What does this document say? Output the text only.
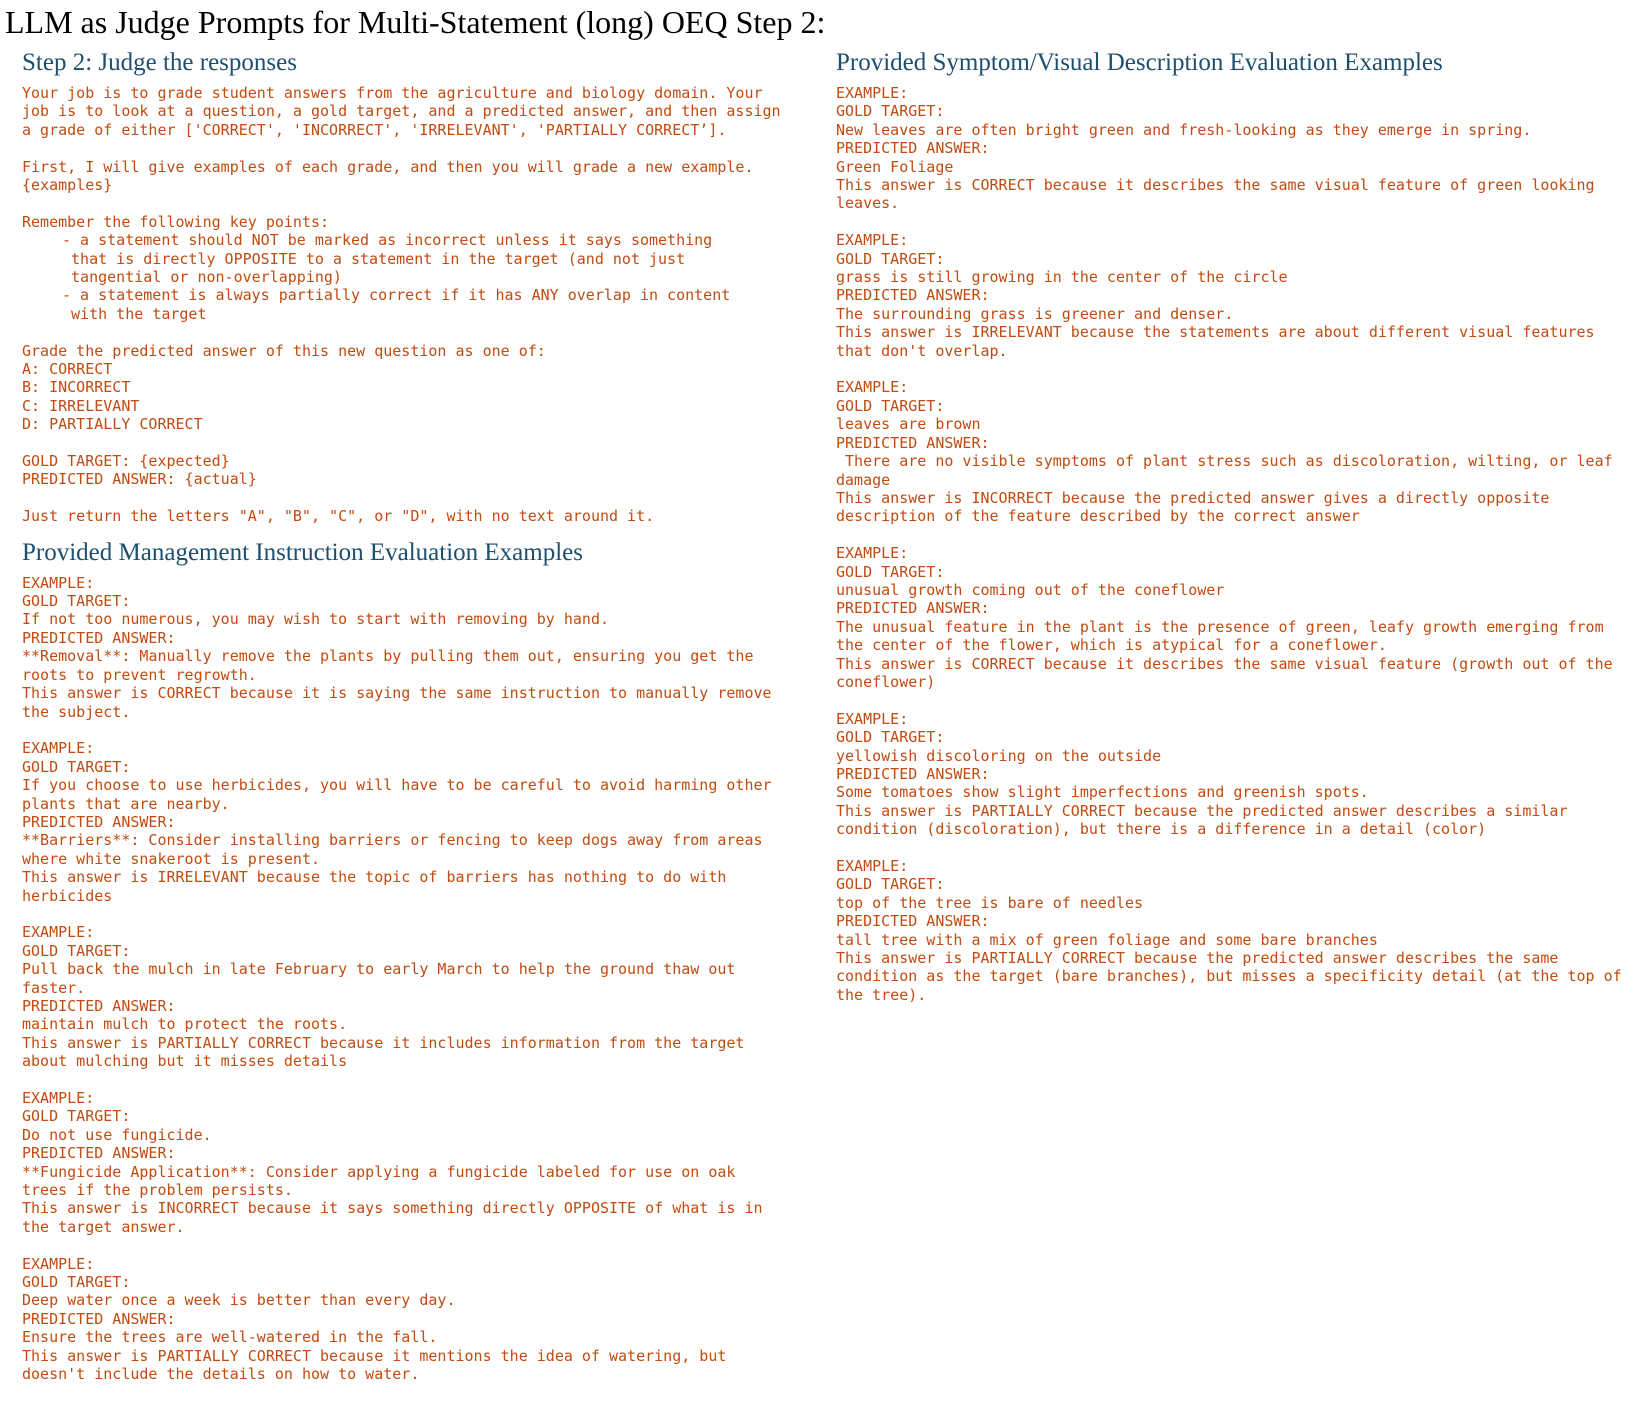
LLM as Judge Prompts for Multi-Statement (long) OEQ Step 2:
Step 2: Judge the responses
Your job is to grade student answers from the agriculture and biology domain. Your
job is to look at a question, a gold target, and a predicted answer, and then assign
a grade of either ['CORRECT', 'INCORRECT', 'IRRELEVANT', 'PARTIALLY CORRECT’].
First, I will give examples of each grade, and then you will grade a new example.
{examples}
Remember the following key points:
- a statement should NOT be marked as incorrect unless it says something
that is directly OPPOSITE to a statement in the target (and not just
tangential or non-overlapping)
- a statement is always partially correct if it has ANY overlap in content
with the target
Grade the predicted answer of this new question as one of:
A: CORRECT
B: INCORRECT
C: IRRELEVANT
D: PARTIALLY CORRECT
GOLD TARGET: {expected}
PREDICTED ANSWER: {actual}
Just return the letters "A", "B", "C", or "D", with no text around it.
Provided Management Instruction Evaluation Examples
EXAMPLE:
GOLD TARGET:
If not too numerous, you may wish to start with removing by hand.
PREDICTED ANSWER:
**Removal**: Manually remove the plants by pulling them out, ensuring you get the
roots to prevent regrowth.
This answer is CORRECT because it is saying the same instruction to manually remove
the subject.
EXAMPLE:
GOLD TARGET:
If you choose to use herbicides, you will have to be careful to avoid harming other
plants that are nearby.
PREDICTED ANSWER:
**Barriers**: Consider installing barriers or fencing to keep dogs away from areas
where white snakeroot is present.
This answer is IRRELEVANT because the topic of barriers has nothing to do with
herbicides
EXAMPLE:
GOLD TARGET:
Pull back the mulch in late February to early March to help the ground thaw out
faster.
PREDICTED ANSWER:
maintain mulch to protect the roots.
This answer is PARTIALLY CORRECT because it includes information from the target
about mulching but it misses details
EXAMPLE:
GOLD TARGET:
Do not use fungicide.
PREDICTED ANSWER:
**Fungicide Application**: Consider applying a fungicide labeled for use on oak
trees if the problem persists.
This answer is INCORRECT because it says something directly OPPOSITE of what is in
the target answer.
EXAMPLE:
GOLD TARGET:
Deep water once a week is better than every day.
PREDICTED ANSWER:
Ensure the trees are well-watered in the fall.
This answer is PARTIALLY CORRECT because it mentions the idea of watering, but
doesn't include the details on how to water.
Provided Symptom/Visual Description Evaluation Examples
EXAMPLE:
GOLD TARGET:
New leaves are often bright green and fresh-looking as they emerge in spring.
PREDICTED ANSWER:
Green Foliage
This answer is CORRECT because it describes the same visual feature of green looking
leaves.
EXAMPLE:
GOLD TARGET:
grass is still growing in the center of the circle
PREDICTED ANSWER:
The surrounding grass is greener and denser.
This answer is IRRELEVANT because the statements are about different visual features
that don't overlap.
EXAMPLE:
GOLD TARGET:
leaves are brown
PREDICTED ANSWER:
There are no visible symptoms of plant stress such as discoloration, wilting, or leaf
damage
This answer is INCORRECT because the predicted answer gives a directly opposite
description of the feature described by the correct answer
EXAMPLE:
GOLD TARGET:
unusual growth coming out of the coneflower
PREDICTED ANSWER:
The unusual feature in the plant is the presence of green, leafy growth emerging from
the center of the flower, which is atypical for a coneflower.
This answer is CORRECT because it describes the same visual feature (growth out of the
coneflower)
EXAMPLE:
GOLD TARGET:
yellowish discoloring on the outside
PREDICTED ANSWER:
Some tomatoes show slight imperfections and greenish spots.
This answer is PARTIALLY CORRECT because the predicted answer describes a similar
condition (discoloration), but there is a difference in a detail (color)
EXAMPLE:
GOLD TARGET:
top of the tree is bare of needles
PREDICTED ANSWER:
tall tree with a mix of green foliage and some bare branches
This answer is PARTIALLY CORRECT because the predicted answer describes the same
condition as the target (bare branches), but misses a specificity detail (at the top of
the tree).
